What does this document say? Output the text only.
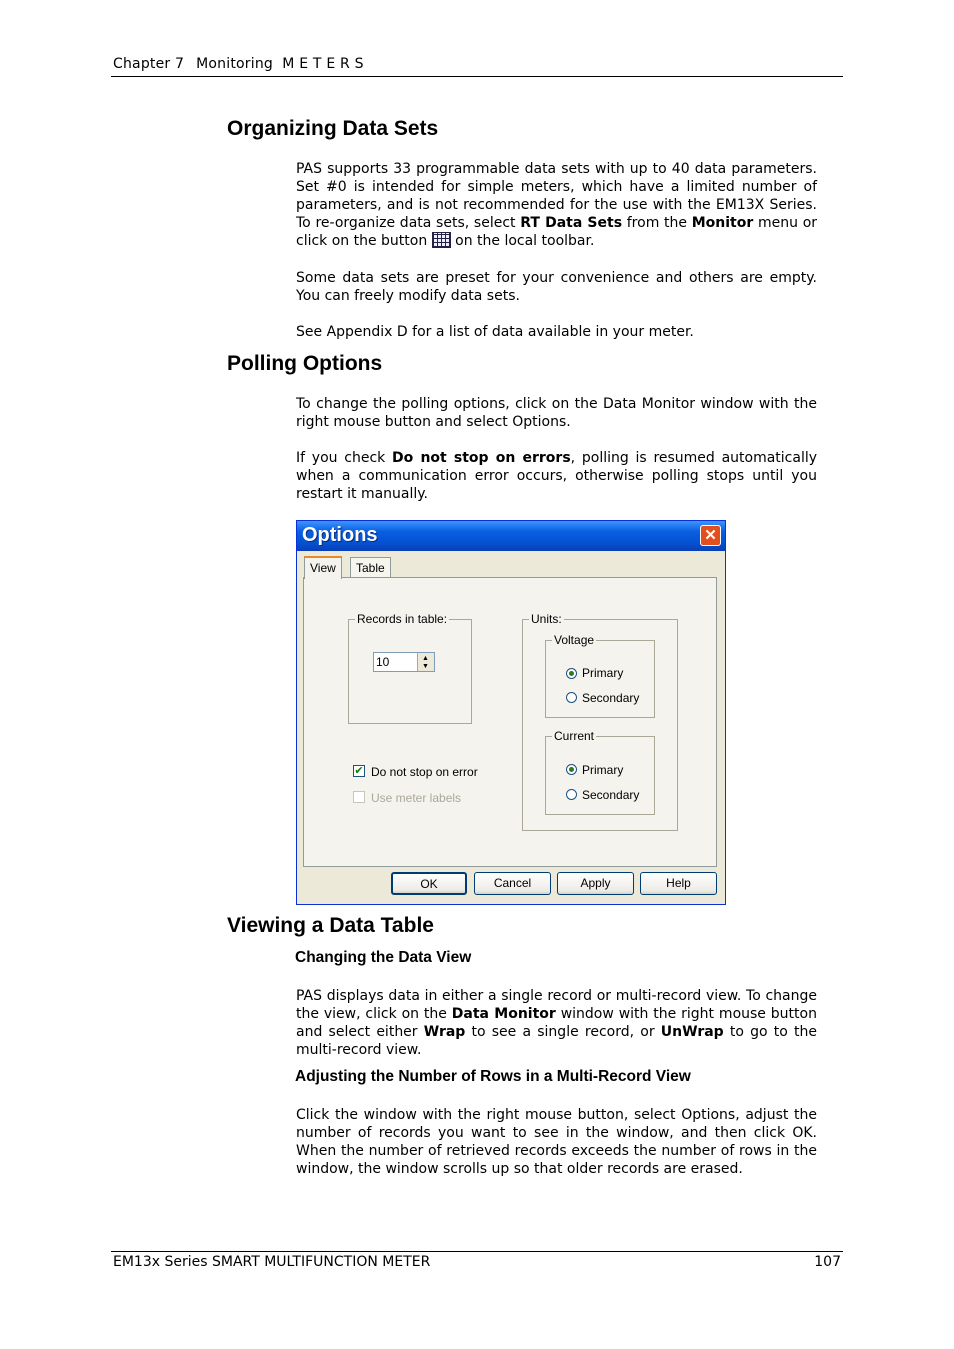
Chapter 7 Monitoring  M E T E R S
Organizing Data Sets

PAS supports 33 programmable data sets with up to 40 data parameters. Set #0 is intended for simple meters, which have a limited number of parameters, and is not recommended for the use with the EM13X Series. To re-organize data sets, select RT Data Sets from the Monitor menu or click on the button  on the local toolbar.

Some data sets are preset for your convenience and others are empty. You can freely modify data sets.

See Appendix D for a list of data available in your meter.

Polling Options

To change the polling options, click on the Data Monitor window with the right mouse button and select Options.

If you check Do not stop on errors, polling is resumed automatically when a communication error occurs, otherwise polling stops until you restart it manually.

Options	✕
View	Table
Records in table:
10	▲
▼
Units:
Voltage
Primary
Secondary
Current
Primary
Secondary
✔ Do not stop on error
Use meter labels
OK	Cancel	Apply	Help
Viewing a Data Table
Changing the Data View

PAS displays data in either a single record or multi-record view. To change the view, click on the Data Monitor window with the right mouse button and select either Wrap to see a single record, or UnWrap to go to the multi-record view.

Adjusting the Number of Rows in a Multi-Record View

Click the window with the right mouse button, select Options, adjust the number of records you want to see in the window, and then click OK. When the number of retrieved records exceeds the number of rows in the window, the window scrolls up so that older records are erased.

EM13x Series SMART MULTIFUNCTION METER	107
